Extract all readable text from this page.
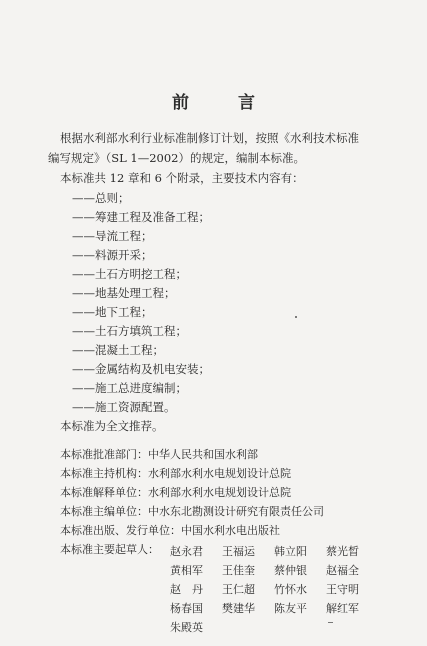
前　言
根据水利部水利行业标准制修订计划，按照《水利技术标准
编写规定》（SL 1—2002）的规定，编制本标准。
本标准共 12 章和 6 个附录，主要技术内容有：
——总则；
——筹建工程及准备工程；
——导流工程；
——料源开采；
——土石方明挖工程；
——地基处理工程；
——地下工程；
——土石方填筑工程；
——混凝土工程；
——金属结构及机电安装；
——施工总进度编制；
——施工资源配置。
本标准为全文推荐。
本标准批准部门：中华人民共和国水利部
本标准主持机构：水利部水利水电规划设计总院
本标准解释单位：水利部水利水电规划设计总院
本标准主编单位：中水东北勘测设计研究有限责任公司
本标准出版、发行单位：中国水利水电出版社
本标准主要起草人： 赵永君 王福运 韩立阳 蔡光晳
黄相军 王佳奎 蔡仲银 赵福全
赵　丹 王仁超 竹怀水 王守明
杨春国 樊建华 陈友平 解红军
朱殿英
